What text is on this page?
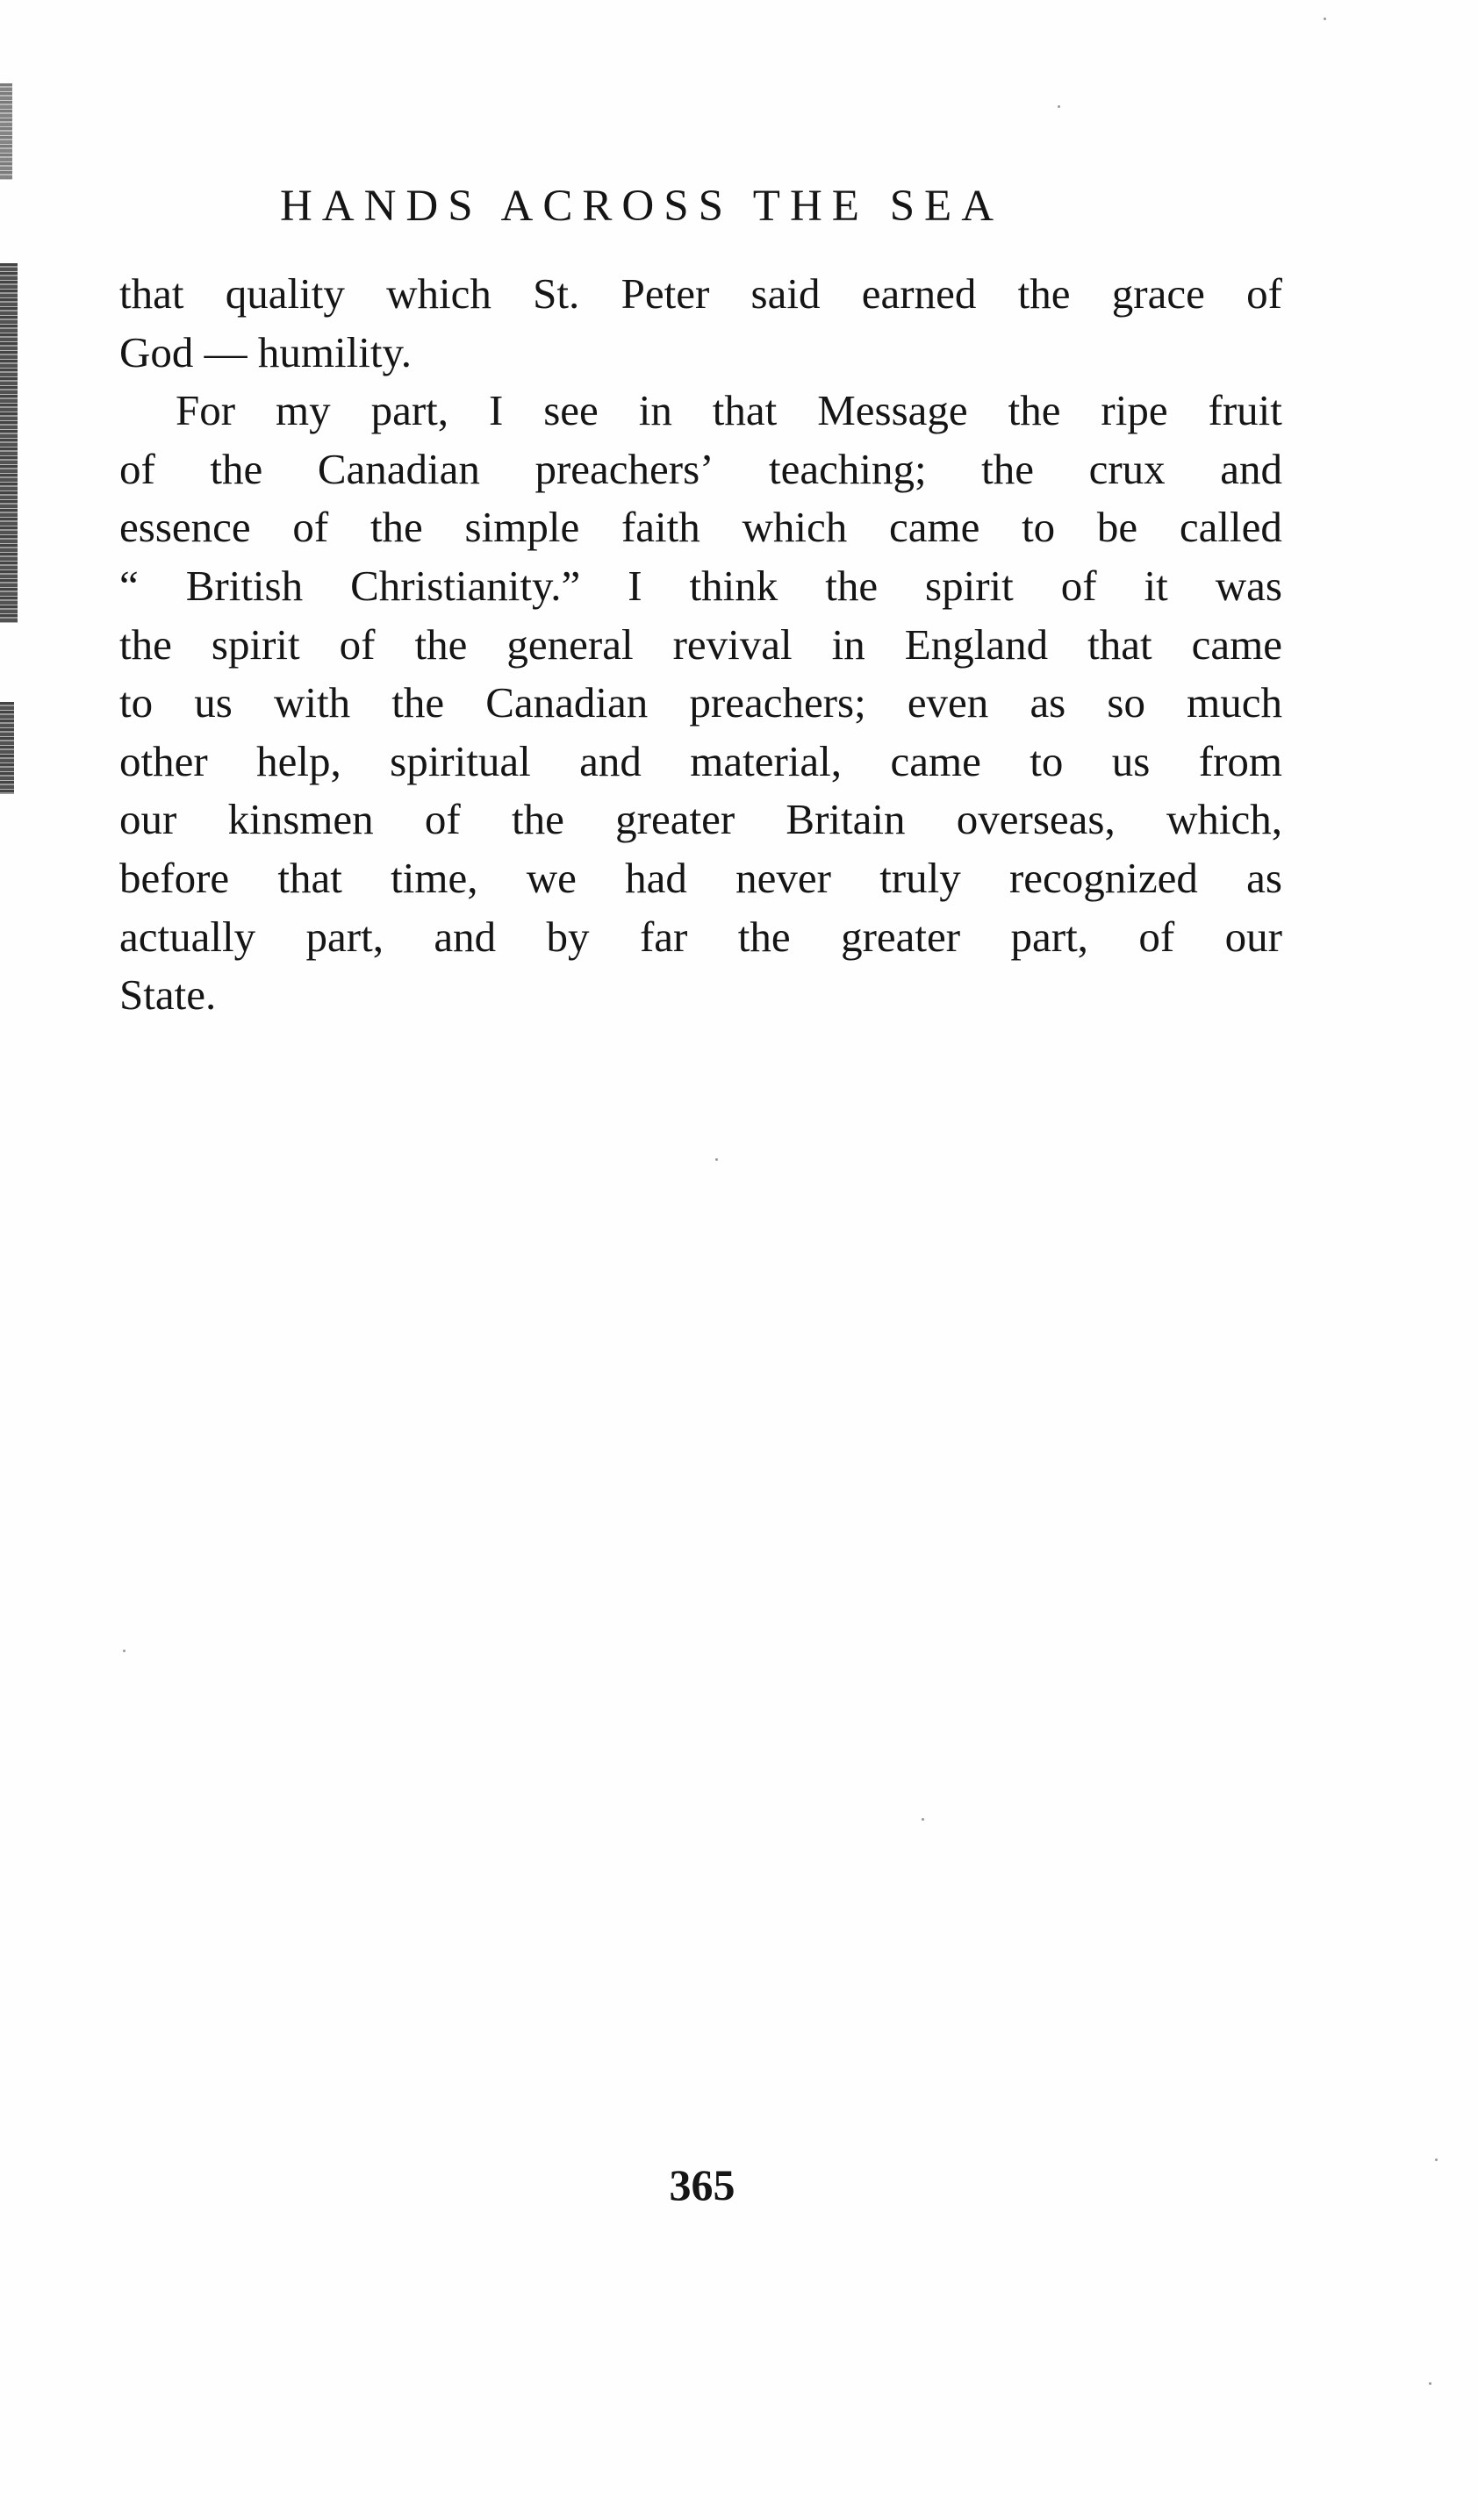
HANDS ACROSS THE SEA
that quality which St. Peter said earned the grace of
God — humility.
For my part, I see in that Message the ripe fruit
of the Canadian preachers’ teaching; the crux and
essence of the simple faith which came to be called
“ British Christianity.” I think the spirit of it was
the spirit of the general revival in England that came
to us with the Canadian preachers; even as so much
other help, spiritual and material, came to us from
our kinsmen of the greater Britain overseas, which,
before that time, we had never truly recognized as
actually part, and by far the greater part, of our
State.
365
